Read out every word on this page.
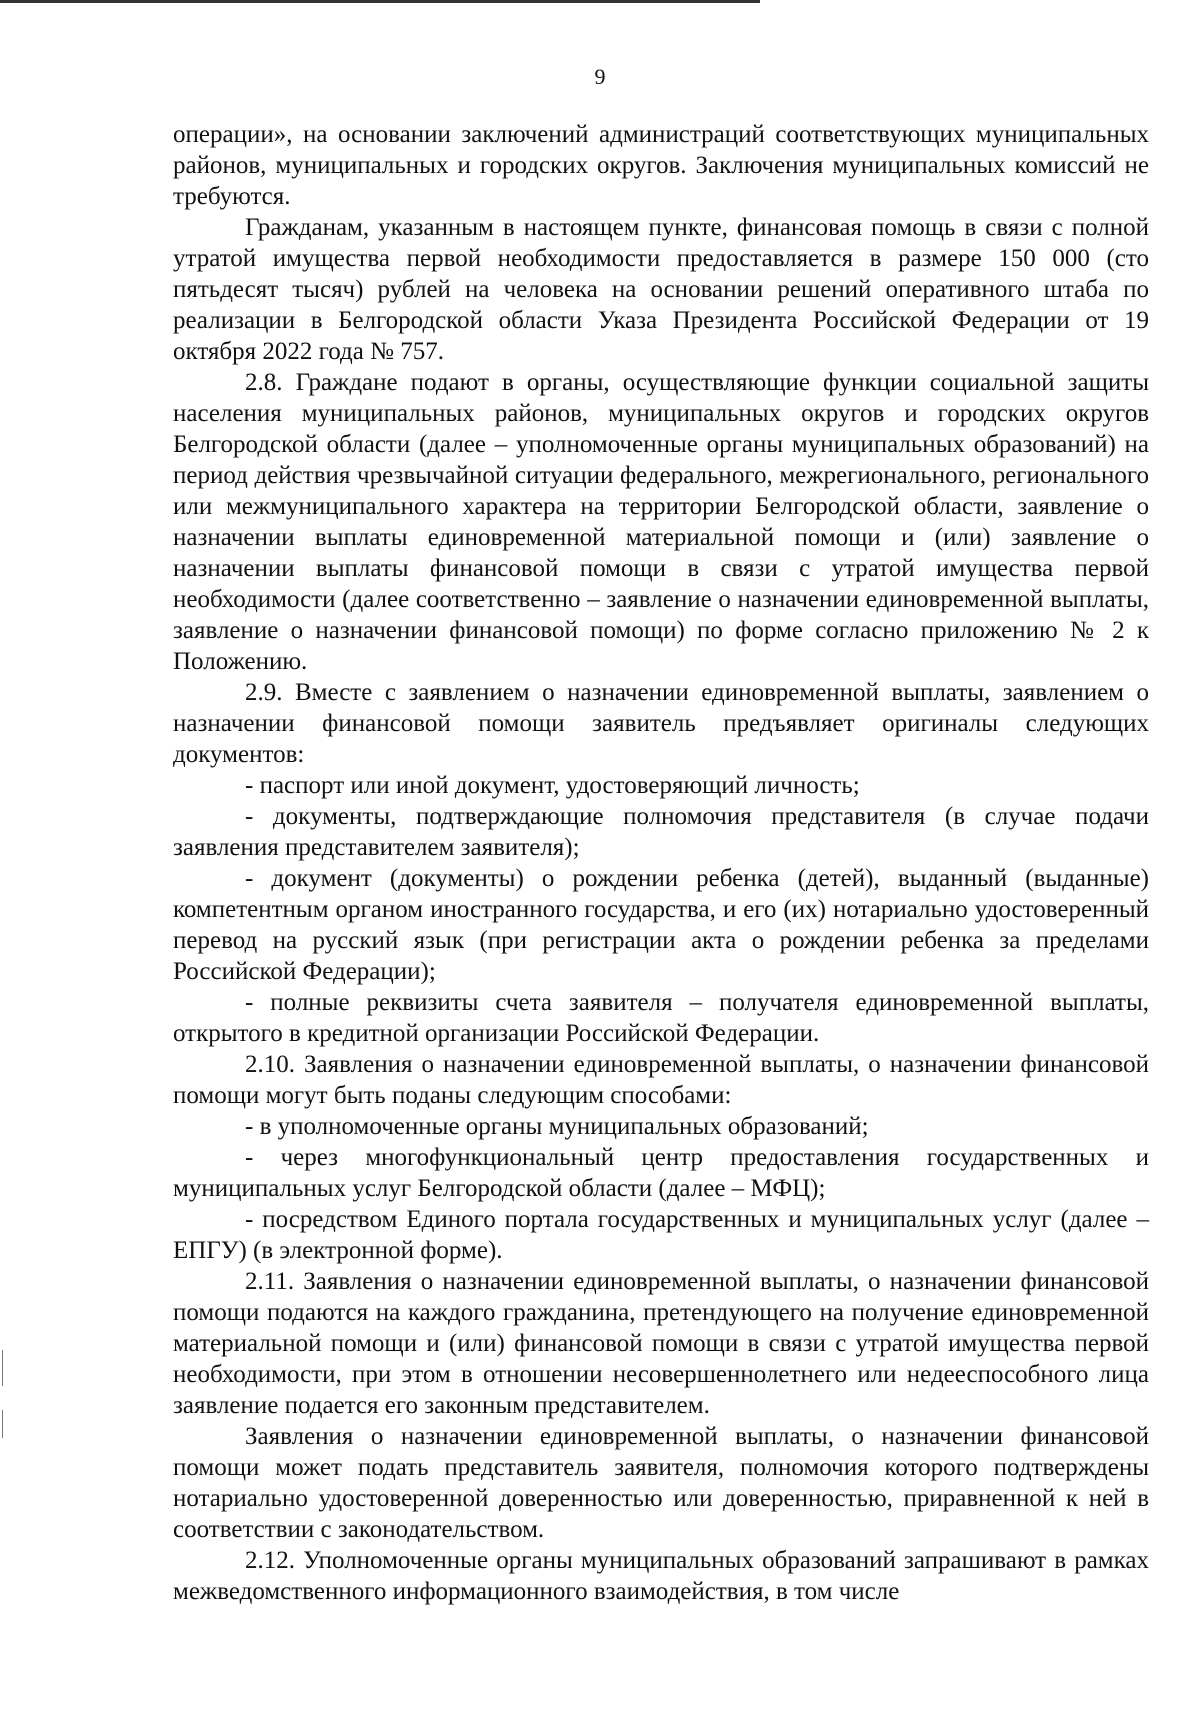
9

операции», на основании заключений администраций соответствующих муниципальных районов, муниципальных и городских округов. Заключения муниципальных комиссий не требуются.

Гражданам, указанным в настоящем пункте, финансовая помощь в связи с полной утратой имущества первой необходимости предоставляется в размере 150 000 (сто пятьдесят тысяч) рублей на человека на основании решений оперативного штаба по реализации в Белгородской области Указа Президента Российской Федерации от 19 октября 2022 года № 757.

2.8. Граждане подают в органы, осуществляющие функции социальной защиты населения муниципальных районов, муниципальных округов и городских округов Белгородской области (далее – уполномоченные органы муниципальных образований) на период действия чрезвычайной ситуации федерального, межрегионального, регионального или межмуниципального характера на территории Белгородской области, заявление о назначении выплаты единовременной материальной помощи и (или) заявление о назначении выплаты финансовой помощи в связи с утратой имущества первой необходимости (далее соответственно – заявление о назначении единовременной выплаты, заявление о назначении финансовой помощи) по форме согласно приложению № 2 к Положению.

2.9. Вместе с заявлением о назначении единовременной выплаты, заявлением о назначении финансовой помощи заявитель предъявляет оригиналы следующих документов:

- паспорт или иной документ, удостоверяющий личность;

- документы, подтверждающие полномочия представителя (в случае подачи заявления представителем заявителя);

- документ (документы) о рождении ребенка (детей), выданный (выданные) компетентным органом иностранного государства, и его (их) нотариально удостоверенный перевод на русский язык (при регистрации акта о рождении ребенка за пределами Российской Федерации);

- полные реквизиты счета заявителя – получателя единовременной выплаты, открытого в кредитной организации Российской Федерации.

2.10. Заявления о назначении единовременной выплаты, о назначении финансовой помощи могут быть поданы следующим способами:

- в уполномоченные органы муниципальных образований;

- через многофункциональный центр предоставления государственных и муниципальных услуг Белгородской области (далее – МФЦ);

- посредством Единого портала государственных и муниципальных услуг (далее – ЕПГУ) (в электронной форме).

2.11. Заявления о назначении единовременной выплаты, о назначении финансовой помощи подаются на каждого гражданина, претендующего на получение единовременной материальной помощи и (или) финансовой помощи в связи с утратой имущества первой необходимости, при этом в отношении несовершеннолетнего или недееспособного лица заявление подается его законным представителем.

Заявления о назначении единовременной выплаты, о назначении финансовой помощи может подать представитель заявителя, полномочия которого подтверждены нотариально удостоверенной доверенностью или доверенностью, приравненной к ней в соответствии с законодательством.

2.12. Уполномоченные органы муниципальных образований запрашивают в рамках межведомственного информационного взаимодействия, в том числе
